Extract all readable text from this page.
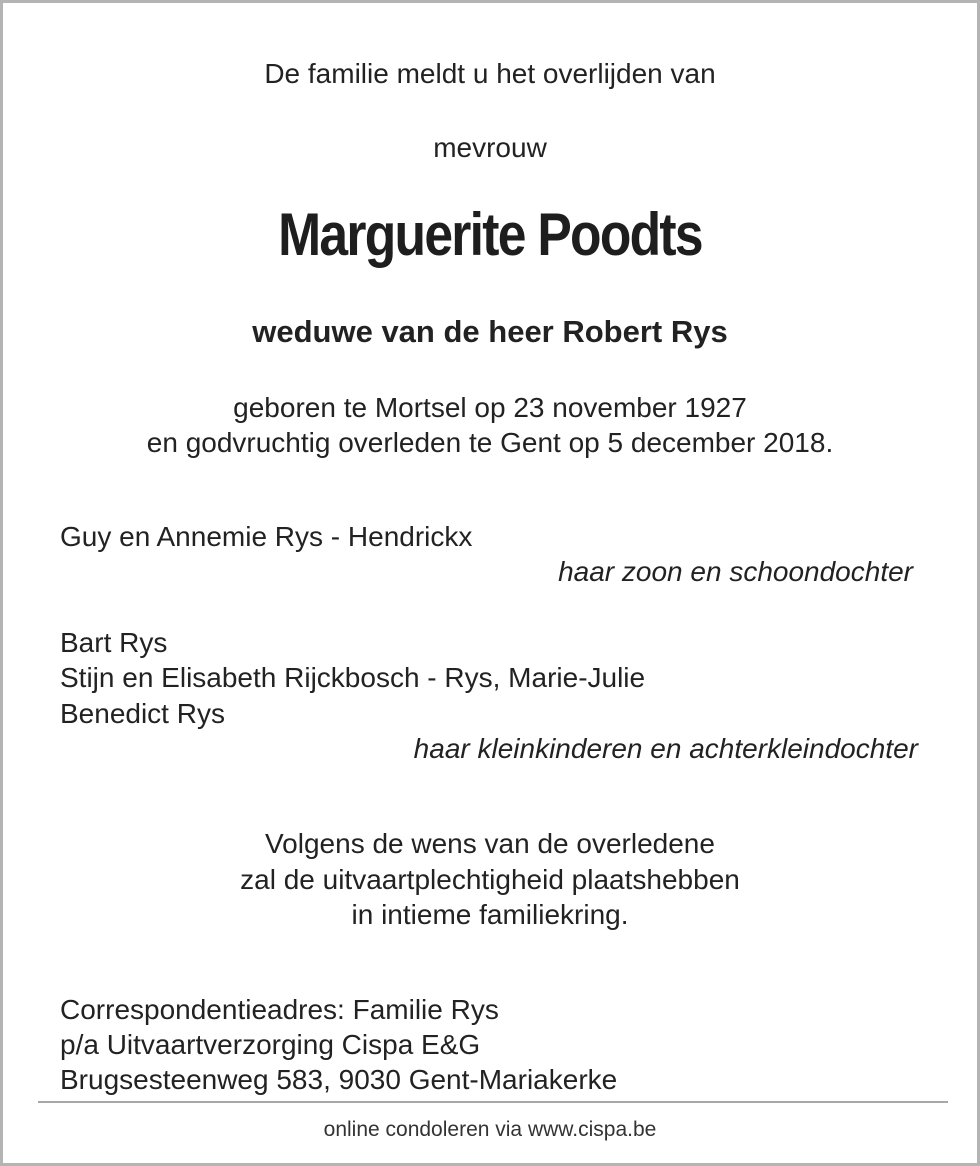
De familie meldt u het overlijden van
mevrouw
Marguerite Poodts
weduwe van de heer Robert Rys
geboren te Mortsel op 23 november 1927
en godvruchtig overleden te Gent op 5 december 2018.
Guy en Annemie Rys - Hendrickx
haar zoon en schoondochter
Bart Rys
Stijn en Elisabeth Rijckbosch - Rys, Marie-Julie
Benedict Rys
haar kleinkinderen en achterkleindochter
Volgens de wens van de overledene
zal de uitvaartplechtigheid plaatshebben
in intieme familiekring.
Correspondentieadres: Familie Rys
p/a Uitvaartverzorging Cispa E&G
Brugsesteenweg 583, 9030 Gent-Mariakerke
online condoleren via www.cispa.be
